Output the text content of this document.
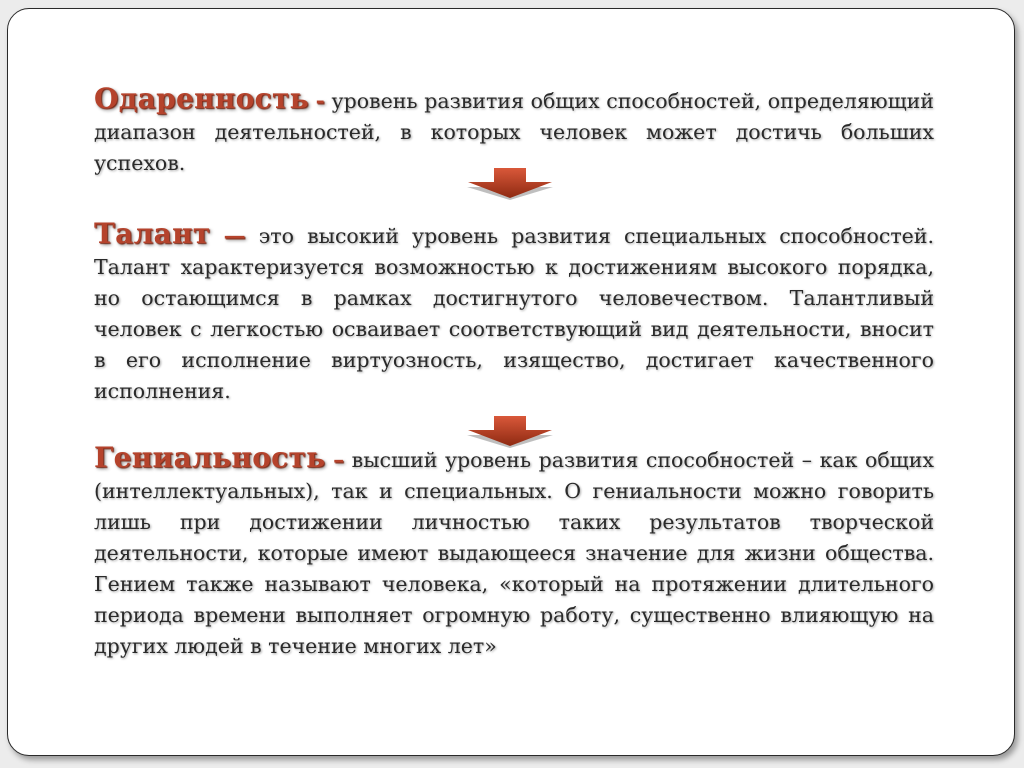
Одаренность - уровень развития общих способностей, определяющий диапазон деятельностей, в которых человек может достичь больших успехов.

Талант — это высокий уровень развития специальных способностей. Талант характеризуется возможностью к достижениям высокого порядка, но остающимся в рамках достигнутого человечеством. Талантливый человек с легкостью осваивает соответствующий вид деятельности, вносит в его исполнение виртуозность, изящество, достигает качественного исполнения.

Гениальность – высший уровень развития способностей – как общих (интеллектуальных), так и специальных. О гениальности можно говорить лишь при достижении личностью таких результатов творческой деятельности, которые имеют выдающееся значение для жизни общества. Гением также называют человека, «который на протяжении длительного периода времени выполняет огромную работу, существенно влияющую на других людей в течение многих лет»
